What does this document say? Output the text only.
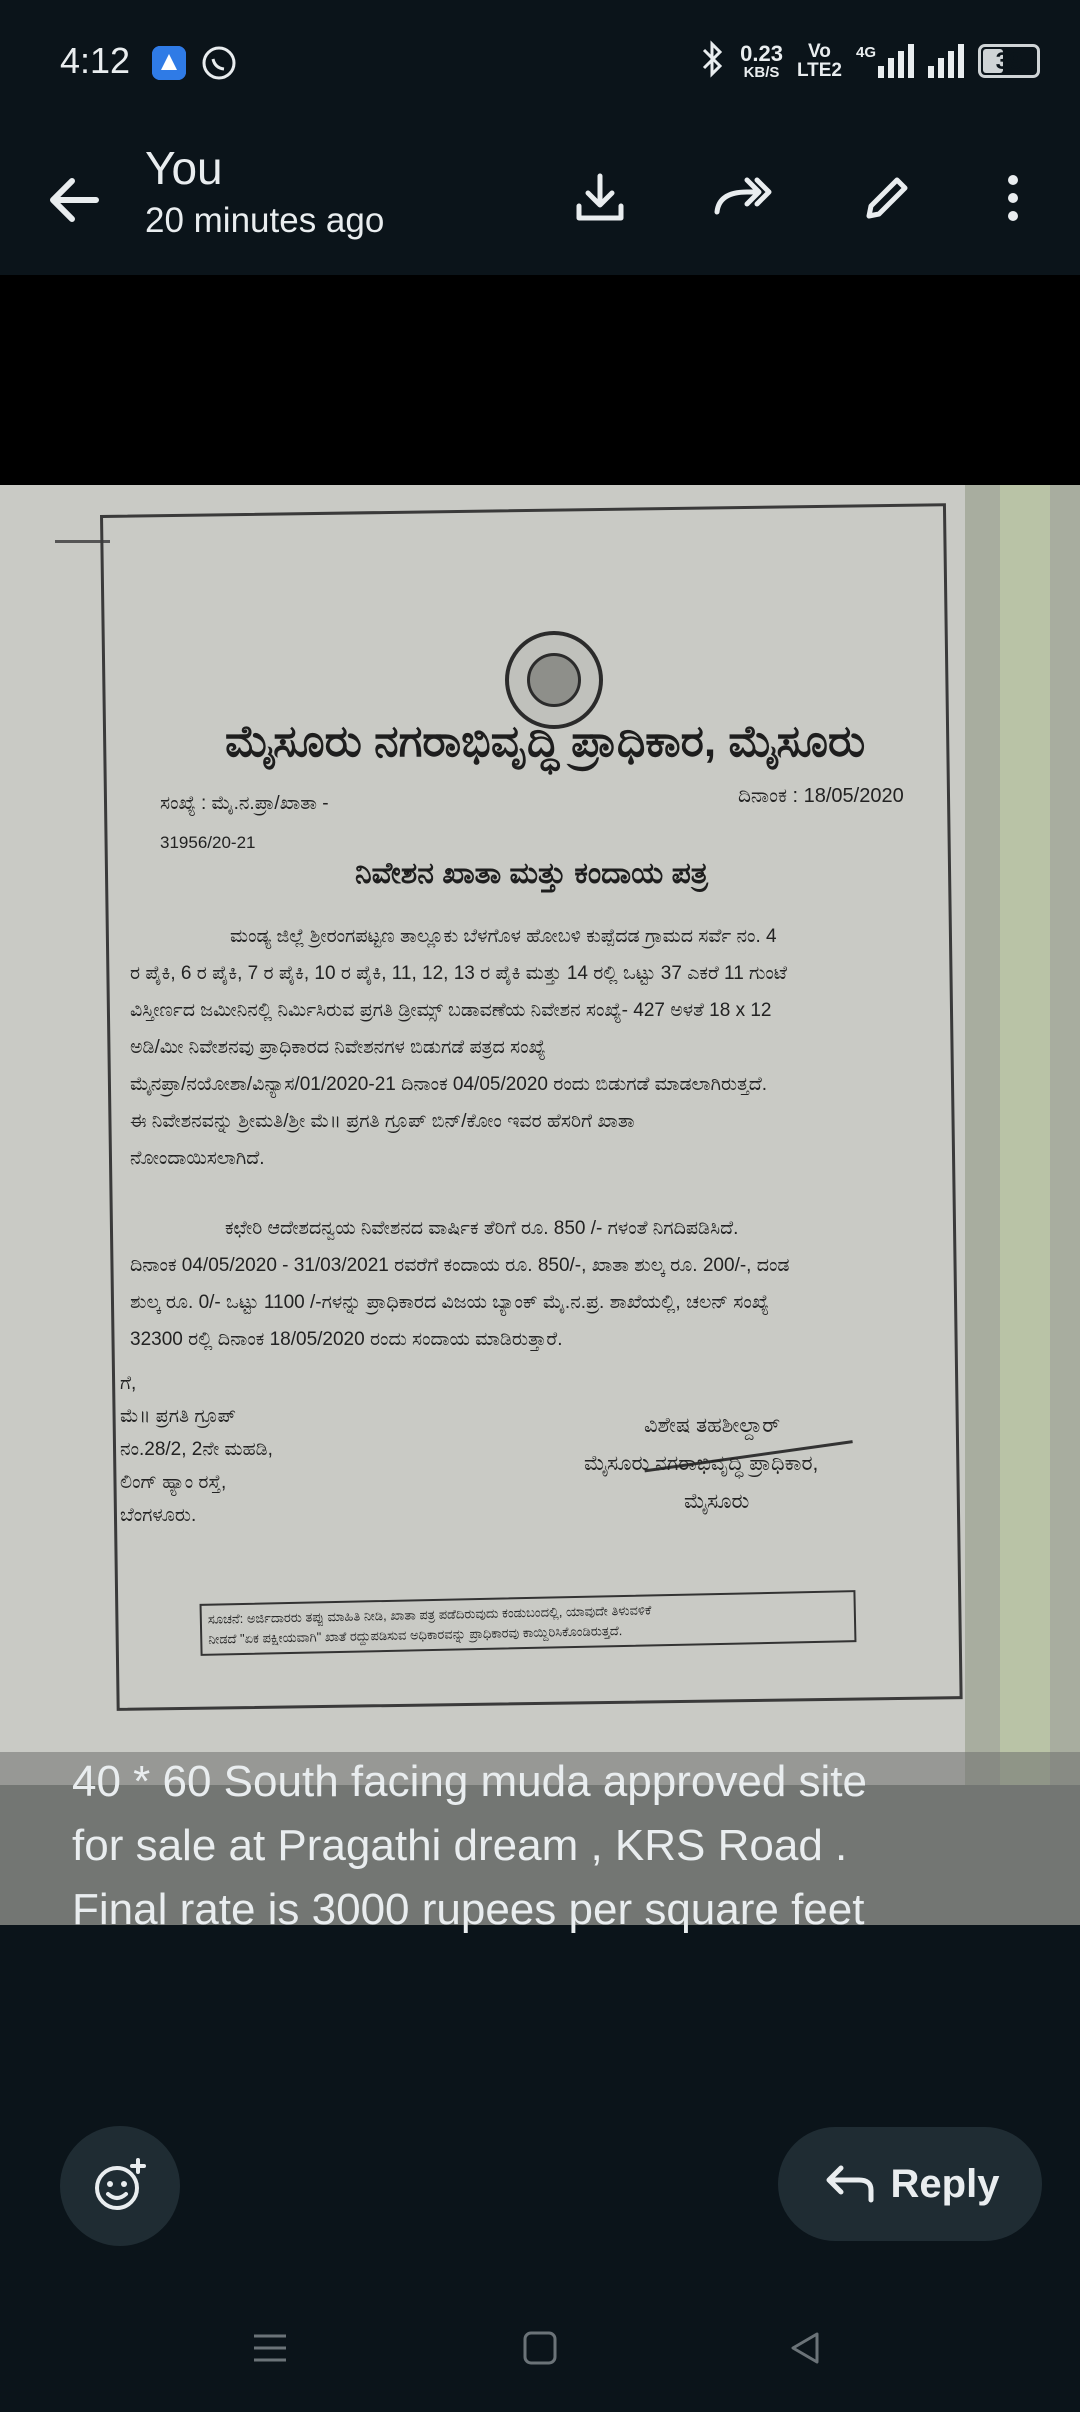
4:12	0.23
KB/S
Vo
LTE2
4G	39
You
20 minutes ago
ಮೈಸೂರು ನಗರಾಭಿವೃದ್ಧಿ ಪ್ರಾಧಿಕಾರ, ಮೈಸೂರು
ಸಂಖ್ಯೆ : ಮೈ.ನ.ಪ್ರಾ/ಖಾತಾ -
31956/20-21
ದಿನಾಂಕ : 18/05/2020
ನಿವೇಶನ ಖಾತಾ ಮತ್ತು ಕಂದಾಯ ಪತ್ರ

ಮಂಡ್ಯ ಜಿಲ್ಲೆ ಶ್ರೀರಂಗಪಟ್ಟಣ ತಾಲ್ಲೂಕು ಬೆಳಗೊಳ ಹೋಬಳಿ ಕುಪ್ಪೆದಡ ಗ್ರಾಮದ ಸರ್ವೆ ನಂ. 4

ರ ಪೈಕಿ, 6 ರ ಪೈಕಿ, 7 ರ ಪೈಕಿ, 10 ರ ಪೈಕಿ, 11, 12, 13 ರ ಪೈಕಿ ಮತ್ತು 14 ರಲ್ಲಿ ಒಟ್ಟು 37 ಎಕರೆ 11 ಗುಂಟೆ

ವಿಸ್ತೀರ್ಣದ ಜಮೀನಿನಲ್ಲಿ ನಿರ್ಮಿಸಿರುವ ಪ್ರಗತಿ ಡ್ರೀಮ್ಸ್ ಬಡಾವಣೆಯ ನಿವೇಶನ ಸಂಖ್ಯೆ- 427 ಅಳತೆ 18 x 12

ಅಡಿ/ಮೀ ನಿವೇಶನವು ಪ್ರಾಧಿಕಾರದ ನಿವೇಶನಗಳ ಬಿಡುಗಡೆ ಪತ್ರದ ಸಂಖ್ಯೆ

ಮೈನಪ್ರಾ/ನಯೋಶಾ/ವಿನ್ಯಾಸ/01/2020-21 ದಿನಾಂಕ 04/05/2020 ರಂದು ಬಿಡುಗಡೆ ಮಾಡಲಾಗಿರುತ್ತದೆ.

ಈ ನಿವೇಶನವನ್ನು ಶ್ರೀಮತಿ/ಶ್ರೀ ಮೆ॥ ಪ್ರಗತಿ ಗ್ರೂಪ್ ಬಿನ್/ಕೋಂ ಇವರ ಹೆಸರಿಗೆ ಖಾತಾ

ನೋಂದಾಯಿಸಲಾಗಿದೆ.

ಕಛೇರಿ ಆದೇಶದನ್ವಯ ನಿವೇಶನದ ವಾರ್ಷಿಕ ತೆರಿಗೆ ರೂ. 850 /- ಗಳಂತೆ ನಿಗದಿಪಡಿಸಿದೆ.

ದಿನಾಂಕ 04/05/2020 - 31/03/2021 ರವರೆಗೆ ಕಂದಾಯ ರೂ. 850/-, ಖಾತಾ ಶುಲ್ಕ ರೂ. 200/-, ದಂಡ

ಶುಲ್ಕ ರೂ. 0/- ಒಟ್ಟು 1100 /-ಗಳನ್ನು ಪ್ರಾಧಿಕಾರದ ವಿಜಯ ಬ್ಯಾಂಕ್ ಮೈ.ನ.ಪ್ರ. ಶಾಖೆಯಲ್ಲಿ, ಚಲನ್ ಸಂಖ್ಯೆ

32300 ರಲ್ಲಿ ದಿನಾಂಕ 18/05/2020 ರಂದು ಸಂದಾಯ ಮಾಡಿರುತ್ತಾರೆ.

ಗೆ,
ಮೆ॥ ಪ್ರಗತಿ ಗ್ರೂಪ್
ನಂ.28/2, 2ನೇ ಮಹಡಿ,
ಲಿಂಗ್ ಹ್ಯಾಂ ರಸ್ತೆ,
ಬೆಂಗಳೂರು.
ವಿಶೇಷ ತಹಶೀಲ್ದಾರ್
ಮೈಸೂರು ನಗರಾಭಿವೃದ್ಧಿ ಪ್ರಾಧಿಕಾರ,
ಮೈಸೂರು

ಸೂಚನೆ: ಅರ್ಜಿದಾರರು ತಪ್ಪು ಮಾಹಿತಿ ನೀಡಿ, ಖಾತಾ ಪತ್ರ ಪಡೆದಿರುವುದು ಕಂಡುಬಂದಲ್ಲಿ, ಯಾವುದೇ ತಿಳುವಳಿಕೆ

ನೀಡದೆ "ಏಕ ಪಕ್ಷೀಯವಾಗಿ" ಖಾತೆ ರದ್ದುಪಡಿಸುವ ಅಧಿಕಾರವನ್ನು ಪ್ರಾಧಿಕಾರವು ಕಾಯ್ದಿರಿಸಿಕೊಂಡಿರುತ್ತದೆ.

40 * 60 South facing muda approved site
for sale at Pragathi dream , KRS Road .
Final rate is 3000 rupees per square feet
Reply
